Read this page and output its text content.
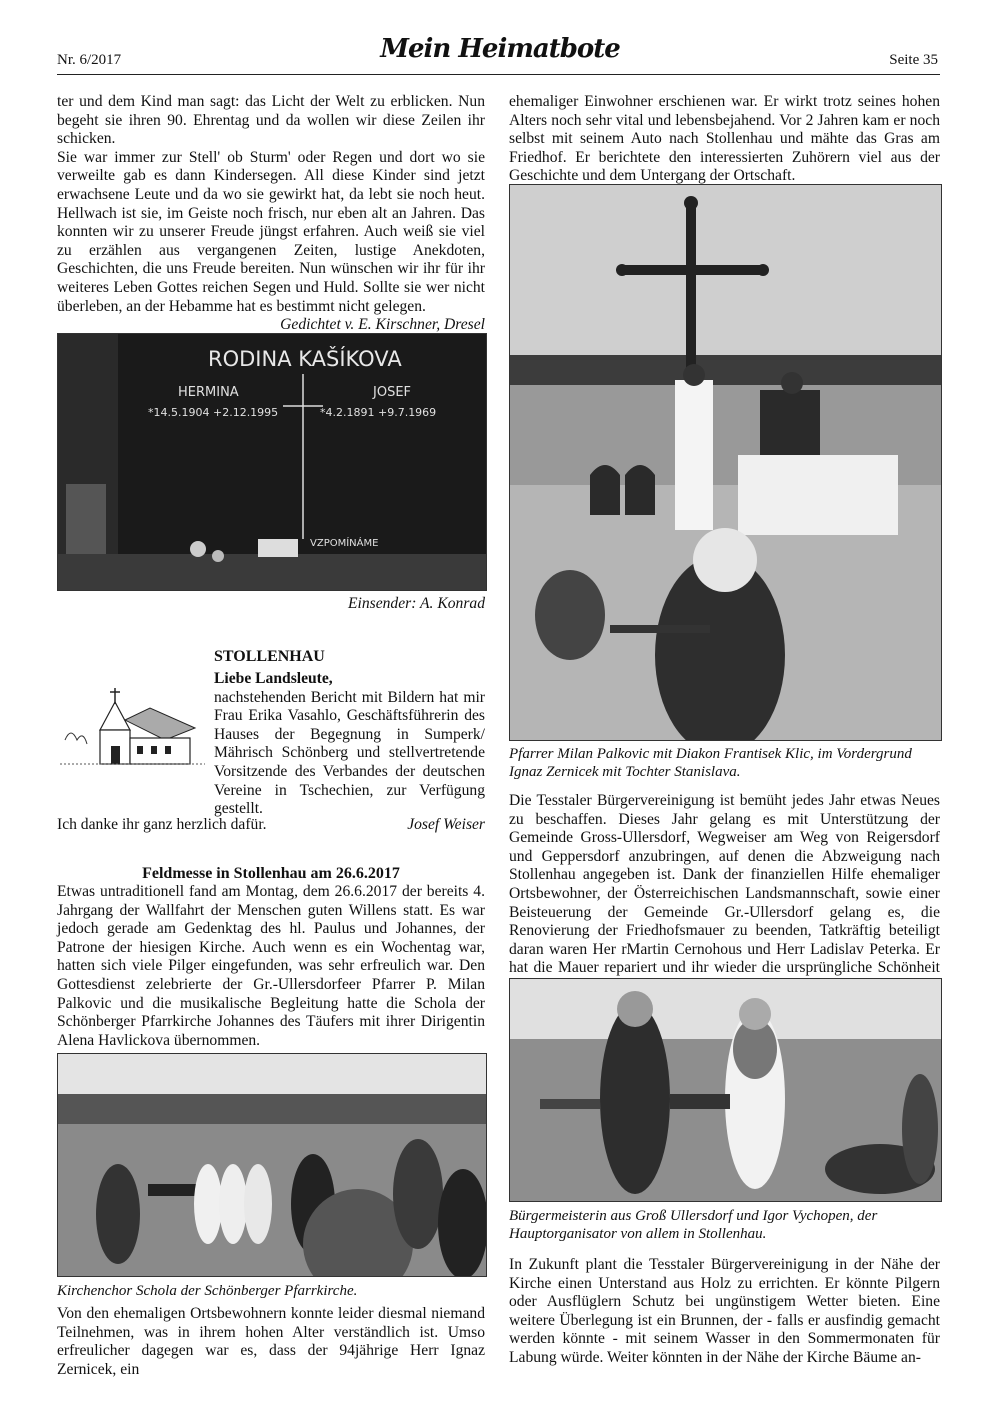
Nr. 6/2017	Mein Heimatbote	Seite 35

ter und dem Kind man sagt: das Licht der Welt zu erblicken. Nun begeht sie ihren 90. Ehrentag und da wollen wir diese Zeilen ihr schicken.

Sie war immer zur Stell' ob Sturm' oder Regen und dort wo sie verweilte gab es dann Kindersegen. All diese Kinder sind jetzt erwachsene Leute und da wo sie gewirkt hat, da lebt sie noch heut. Hellwach ist sie, im Geiste noch frisch, nur eben alt an Jahren. Das konnten wir zu unserer Freude jüngst erfahren. Auch weiß sie viel zu erzählen aus vergangenen Zeiten, lustige Anekdoten, Geschichten, die uns Freude bereiten. Nun wünschen wir ihr für ihr weiteres Leben Gottes reichen Segen und Huld. Sollte sie wer nicht überleben, an der Hebamme hat es bestimmt nicht gelegen.

Gedichtet v. E. Kirschner, Dresel

RODINA KAŠÍKOVA
HERMINA
*14.5.1904 +2.12.1995
JOSEF
*4.2.1891 +9.7.1969
VZPOMÍNÁME
Einsender: A. Konrad
STOLLENHAU

Liebe Landsleute,

nachstehenden Bericht mit Bildern hat mir Frau Erika Vasahlo, Geschäftsführerin des Hauses der Begegnung in Sumperk/ Mährisch Schönberg und stellvertretende Vorsitzende des Verbandes der deutschen Vereine in Tschechien, zur Verfügung gestellt.

Ich danke ihr ganz herzlich dafür.	Josef Weiser
Feldmesse in Stollenhau am 26.6.2017
Etwas untraditionell fand am Montag, dem 26.6.2017 der bereits 4. Jahrgang der Wallfahrt der Menschen guten Willens statt. Es war jedoch gerade am Gedenktag des hl. Paulus und Johannes, der Patrone der hiesigen Kirche. Auch wenn es ein Wochentag war, hatten sich viele Pilger eingefunden, was sehr erfreulich war. Den Gottesdienst zelebrierte der Gr.-Ullersdorfeer Pfarrer P. Milan Palkovic und die musikalische Begleitung hatte die Schola der Schönberger Pfarrkirche Johannes des Täufers mit ihrer Dirigentin Alena Havlickova übernommen.
Kirchenchor Schola der Schönberger Pfarrkirche.
Von den ehemaligen Ortsbewohnern konnte leider diesmal niemand Teilnehmen, was in ihrem hohen Alter verständlich ist. Umso erfreulicher dagegen war es, dass der 94jährige Herr Ignaz Zernicek, ein
ehemaliger Einwohner erschienen war. Er wirkt trotz seines hohen Alters noch sehr vital und lebensbejahend. Vor 2 Jahren kam er noch selbst mit seinem Auto nach Stollenhau und mähte das Gras am Friedhof. Er berichtete den interessierten Zuhörern viel aus der Geschichte und dem Untergang der Ortschaft.
Pfarrer Milan Palkovic mit Diakon Frantisek Klic, im Vordergrund Ignaz Zernicek mit Tochter Stanislava.
Die Tesstaler Bürgervereinigung ist bemüht jedes Jahr etwas Neues zu beschaffen. Dieses Jahr gelang es mit Unterstützung der Gemeinde Gross-Ullersdorf, Wegweiser am Weg von Reigersdorf und Geppersdorf anzubringen, auf denen die Abzweigung nach Stollenhau angegeben ist. Dank der finanziellen Hilfe ehemaliger Ortsbewohner, der Österreichischen Landsmannschaft, sowie einer Beisteuerung der Gemeinde Gr.-Ullersdorf gelang es, die Renovierung der Friedhofsmauer zu beenden, Tatkräftig beteiligt daran waren Her rMartin Cernohous und Herr Ladislav Peterka. Er hat die Mauer repariert und ihr wieder die ursprüngliche Schönheit
Bürgermeisterin aus Groß Ullersdorf und Igor Vychopen, der Hauptorganisator von allem in Stollenhau.
In Zukunft plant die Tesstaler Bürgervereinigung in der Nähe der Kirche einen Unterstand aus Holz zu errichten. Er könnte Pilgern oder Ausflüglern Schutz bei ungünstigem Wetter bieten. Eine weitere Überlegung ist ein Brunnen, der - falls er ausfindig gemacht werden könnte - mit seinem Wasser in den Sommermonaten für Labung würde. Weiter könnten in der Nähe der Kirche Bäume an-
